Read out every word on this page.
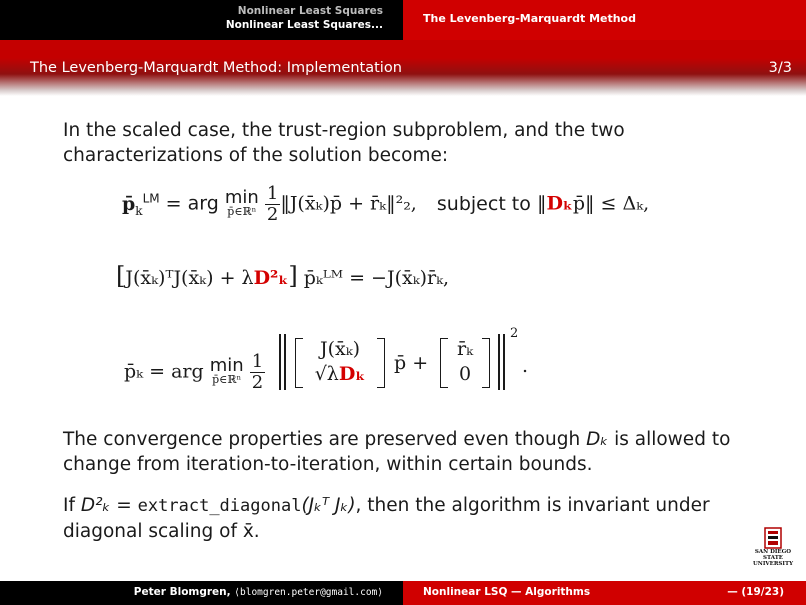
Nonlinear Least Squares
Nonlinear Least Squares...	The Levenberg-Marquardt Method
The Levenberg-Marquardt Method: Implementation	3/3
In the scaled case, the trust-region subproblem, and the two
characterizations of the solution become:
$p̄_k^{LM}$ = arg min
p̄∈ℝⁿ
$\frac{1}{2}$ ‖J(x̄ₖ)p̄ + r̄ₖ‖²₂, subject to ‖Dₖp̄‖ ≤ Δₖ,
[J(x̄ₖ)ᵀJ(x̄ₖ) + λD²ₖ] p̄ₖᴸᴹ = −J(x̄ₖ)r̄ₖ,
p̄ₖ = arg min
p̄∈ℝⁿ
$\frac{1}{2}$
J(x̄ₖ)
√λDₖ	p̄ +
r̄ₖ
0
2
.
The convergence properties are preserved even though Dₖ is allowed to
change from iteration-to-iteration, within certain bounds.
If D²ₖ = extract_diagonal(Jₖᵀ Jₖ), then the algorithm is invariant under
diagonal scaling of x̄.
SAN DIEGO STATE
UNIVERSITY
Peter Blomgren, ⟨blomgren.peter@gmail.com⟩	Nonlinear LSQ — Algorithms	— (19/23)
